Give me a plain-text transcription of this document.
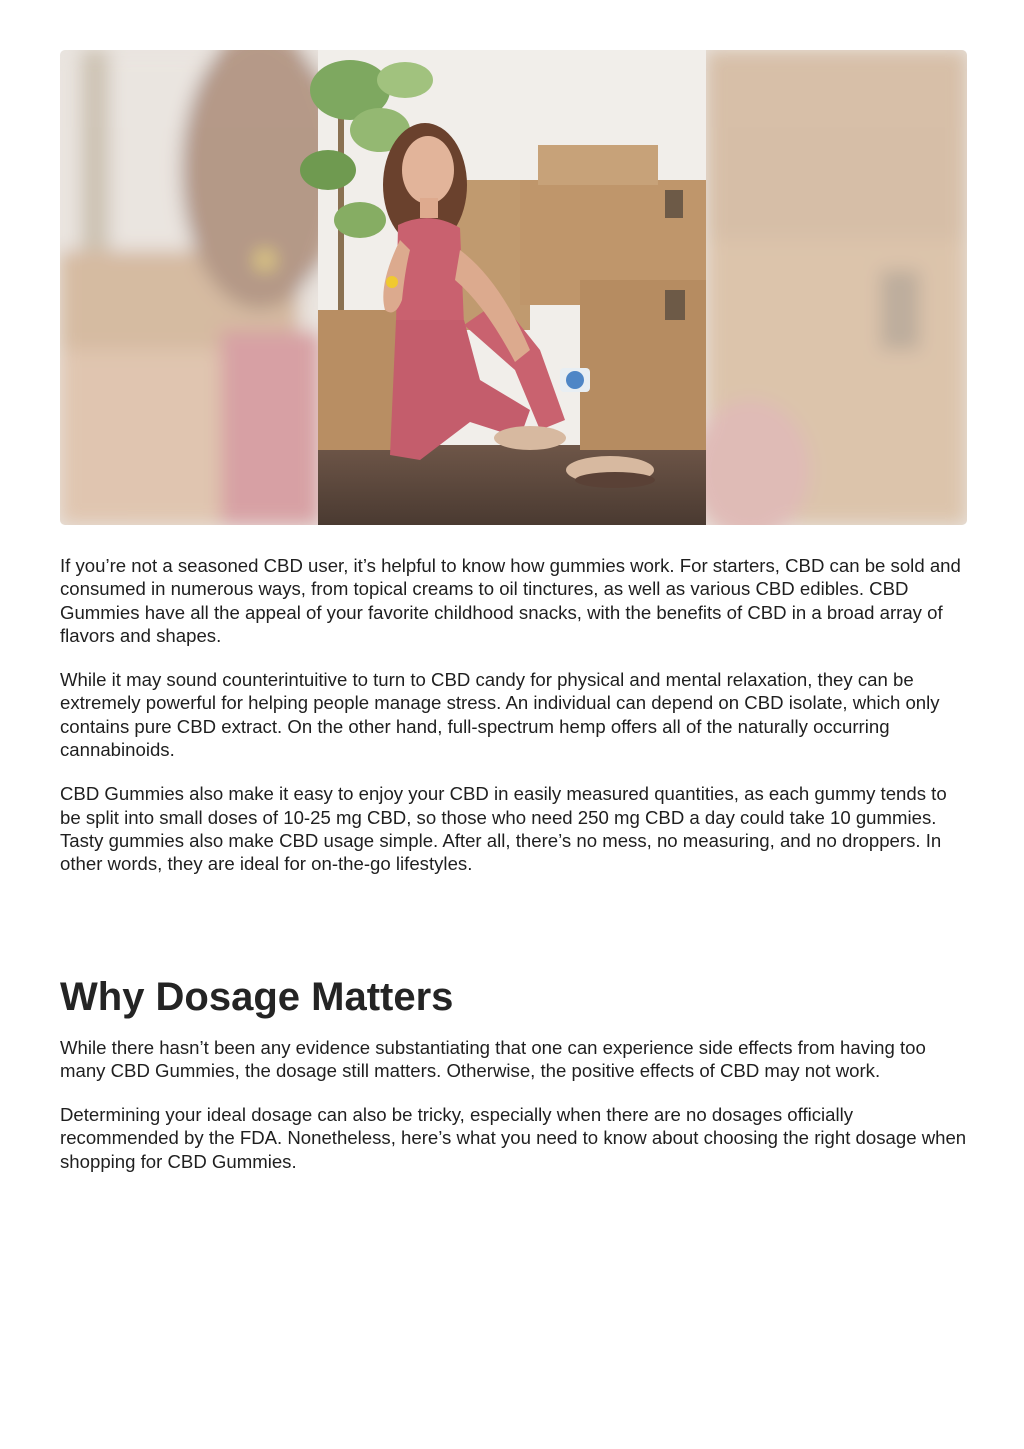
If you’re not a seasoned CBD user, it’s helpful to know how gummies work. For starters, CBD can be sold and consumed in numerous ways, from topical creams to oil tinctures, as well as various CBD edibles. CBD Gummies have all the appeal of your favorite childhood snacks, with the benefits of CBD in a broad array of flavors and shapes.

While it may sound counterintuitive to turn to CBD candy for physical and mental relaxation, they can be extremely powerful for helping people manage stress. An individual can depend on CBD isolate, which only contains pure CBD extract. On the other hand, full-spectrum hemp offers all of the naturally occurring cannabinoids.

CBD Gummies also make it easy to enjoy your CBD in easily measured quantities, as each gummy tends to be split into small doses of 10-25 mg CBD, so those who need 250 mg CBD a day could take 10 gummies.
Tasty gummies also make CBD usage simple. After all, there’s no mess, no measuring, and no droppers. In other words, they are ideal for on-the-go lifestyles.

Why Dosage Matters

While there hasn’t been any evidence substantiating that one can experience side effects from having too many CBD Gummies, the dosage still matters. Otherwise, the positive effects of CBD may not work.

Determining your ideal dosage can also be tricky, especially when there are no dosages officially recommended by the FDA. Nonetheless, here’s what you need to know about choosing the right dosage when shopping for CBD Gummies.
